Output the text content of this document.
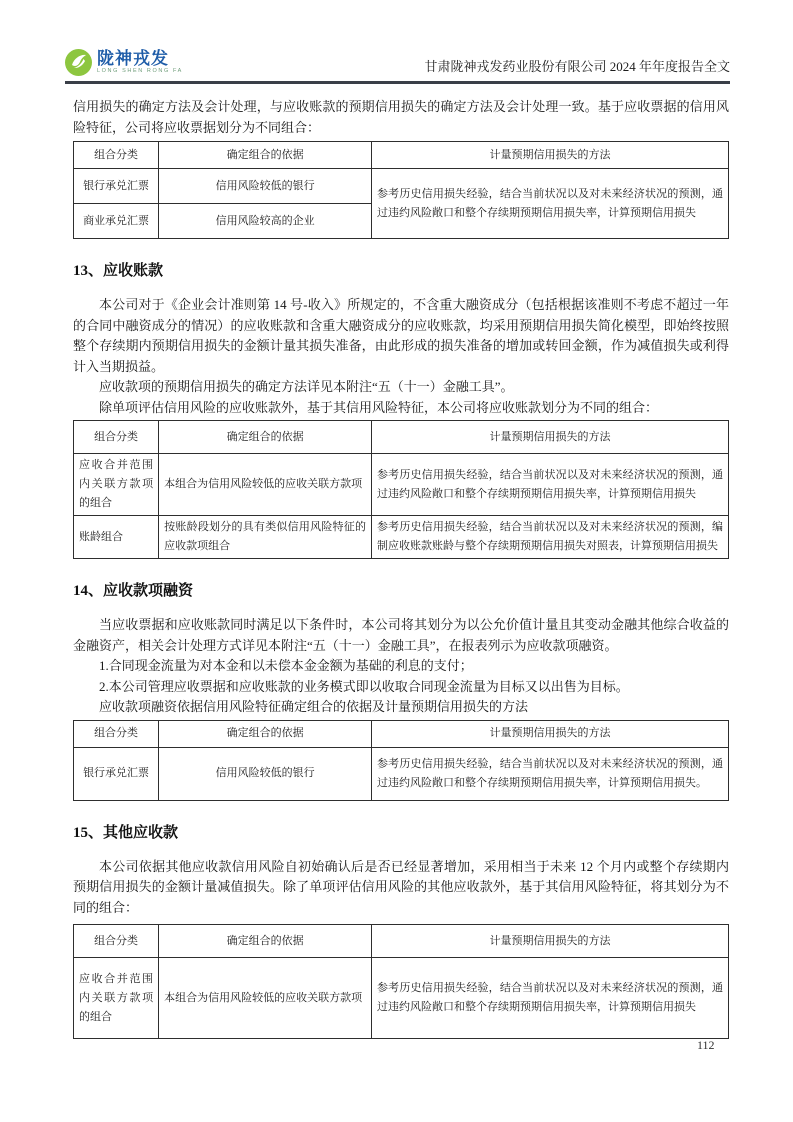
陇神戎发
LONG SHEN RONG FA	甘肃陇神戎发药业股份有限公司 2024 年年度报告全文

信用损失的确定方法及会计处理，与应收账款的预期信用损失的确定方法及会计处理一致。基于应收票据的信用风险特征，公司将应收票据划分为不同组合：

组合分类	确定组合的依据	计量预期信用损失的方法
银行承兑汇票	信用风险较低的银行	参考历史信用损失经验，结合当前状况以及对未来经济状况的预测，通过违约风险敞口和整个存续期预期信用损失率，计算预期信用损失
商业承兑汇票	信用风险较高的企业	
13、应收账款

本公司对于《企业会计准则第 14 号-收入》所规定的，不含重大融资成分（包括根据该准则不考虑不超过一年的合同中融资成分的情况）的应收账款和含重大融资成分的应收账款，均采用预期信用损失简化模型，即始终按照整个存续期内预期信用损失的金额计量其损失准备，由此形成的损失准备的增加或转回金额，作为减值损失或利得计入当期损益。

应收款项的预期信用损失的确定方法详见本附注“五（十一）金融工具”。

除单项评估信用风险的应收账款外，基于其信用风险特征，本公司将应收账款划分为不同的组合：

组合分类	确定组合的依据	计量预期信用损失的方法
应收合并范围内关联方款项的组合	本组合为信用风险较低的应收关联方款项	参考历史信用损失经验，结合当前状况以及对未来经济状况的预测，通过违约风险敞口和整个存续期预期信用损失率，计算预期信用损失
账龄组合	按账龄段划分的具有类似信用风险特征的应收款项组合	参考历史信用损失经验，结合当前状况以及对未来经济状况的预测，编制应收账款账龄与整个存续期预期信用损失对照表，计算预期信用损失
14、应收款项融资

当应收票据和应收账款同时满足以下条件时，本公司将其划分为以公允价值计量且其变动金融其他综合收益的金融资产，相关会计处理方式详见本附注“五（十一）金融工具”，在报表列示为应收款项融资。

1.合同现金流量为对本金和以未偿本金金额为基础的利息的支付；

2.本公司管理应收票据和应收账款的业务模式即以收取合同现金流量为目标又以出售为目标。

应收款项融资依据信用风险特征确定组合的依据及计量预期信用损失的方法

组合分类	确定组合的依据	计量预期信用损失的方法
银行承兑汇票	信用风险较低的银行	参考历史信用损失经验，结合当前状况以及对未来经济状况的预测，通过违约风险敞口和整个存续期预期信用损失率，计算预期信用损失。
15、其他应收款

本公司依据其他应收款信用风险自初始确认后是否已经显著增加，采用相当于未来 12 个月内或整个存续期内预期信用损失的金额计量减值损失。除了单项评估信用风险的其他应收款外，基于其信用风险特征，将其划分为不同的组合：

组合分类	确定组合的依据	计量预期信用损失的方法
应收合并范围内关联方款项的组合	本组合为信用风险较低的应收关联方款项	参考历史信用损失经验，结合当前状况以及对未来经济状况的预测，通过违约风险敞口和整个存续期预期信用损失率，计算预期信用损失
112
